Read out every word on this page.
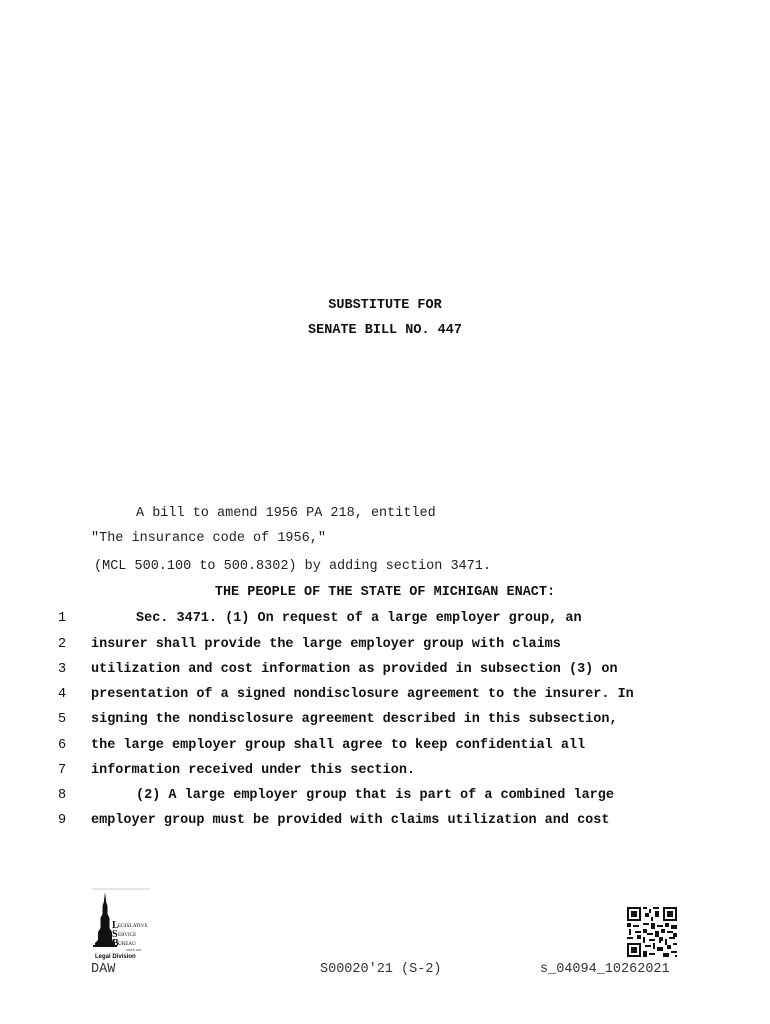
SUBSTITUTE FOR
SENATE BILL NO. 447
A bill to amend 1956 PA 218, entitled
"The insurance code of 1956,"
(MCL 500.100 to 500.8302) by adding section 3471.
THE PEOPLE OF THE STATE OF MICHIGAN ENACT:
1	Sec. 3471. (1) On request of a large employer group, an
2	insurer shall provide the large employer group with claims
3	utilization and cost information as provided in subsection (3) on
4	presentation of a signed nondisclosure agreement to the insurer. In
5	signing the nondisclosure agreement described in this subsection,
6	the large employer group shall agree to keep confidential all
7	information received under this section.
8	(2) A large employer group that is part of a combined large
9	employer group must be provided with claims utilization and cost
L
S
B
EGISLATIVE
ERVICE
UREAU
SINCE 1941
Legal Division
DAW	S00020'21 (S-2)	s_04094_10262021
